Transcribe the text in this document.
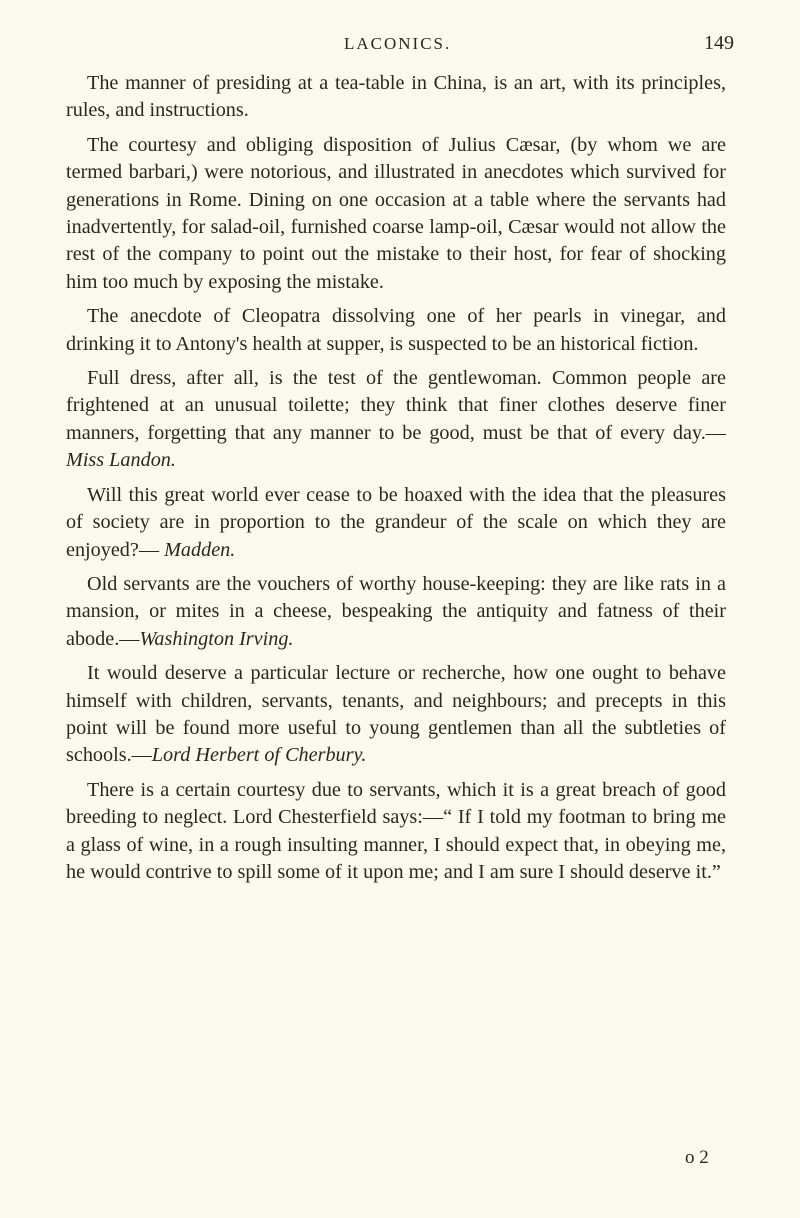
LACONICS.	149

The manner of presiding at a tea-table in China, is an art, with its principles, rules, and instructions.

The courtesy and obliging disposition of Julius Cæsar, (by whom we are termed barbari,) were notorious, and illustrated in anecdotes which survived for generations in Rome. Dining on one occasion at a table where the servants had inadvertently, for salad-oil, furnished coarse lamp-oil, Cæsar would not allow the rest of the company to point out the mistake to their host, for fear of shocking him too much by exposing the mistake.

The anecdote of Cleopatra dissolving one of her pearls in vinegar, and drinking it to Antony's health at supper, is suspected to be an historical fiction.

Full dress, after all, is the test of the gentlewoman. Common people are frightened at an unusual toilette; they think that finer clothes deserve finer manners, forgetting that any manner to be good, must be that of every day.— Miss Landon.

Will this great world ever cease to be hoaxed with the idea that the pleasures of society are in proportion to the grandeur of the scale on which they are enjoyed?— Madden.

Old servants are the vouchers of worthy house-keeping: they are like rats in a mansion, or mites in a cheese, bespeaking the antiquity and fatness of their abode.—Washington Irving.

It would deserve a particular lecture or recherche, how one ought to behave himself with children, servants, tenants, and neighbours; and precepts in this point will be found more useful to young gentlemen than all the subtleties of schools.—Lord Herbert of Cherbury.

There is a certain courtesy due to servants, which it is a great breach of good breeding to neglect. Lord Chesterfield says:—“ If I told my footman to bring me a glass of wine, in a rough insulting manner, I should expect that, in obeying me, he would contrive to spill some of it upon me; and I am sure I should deserve it.”

o 2
